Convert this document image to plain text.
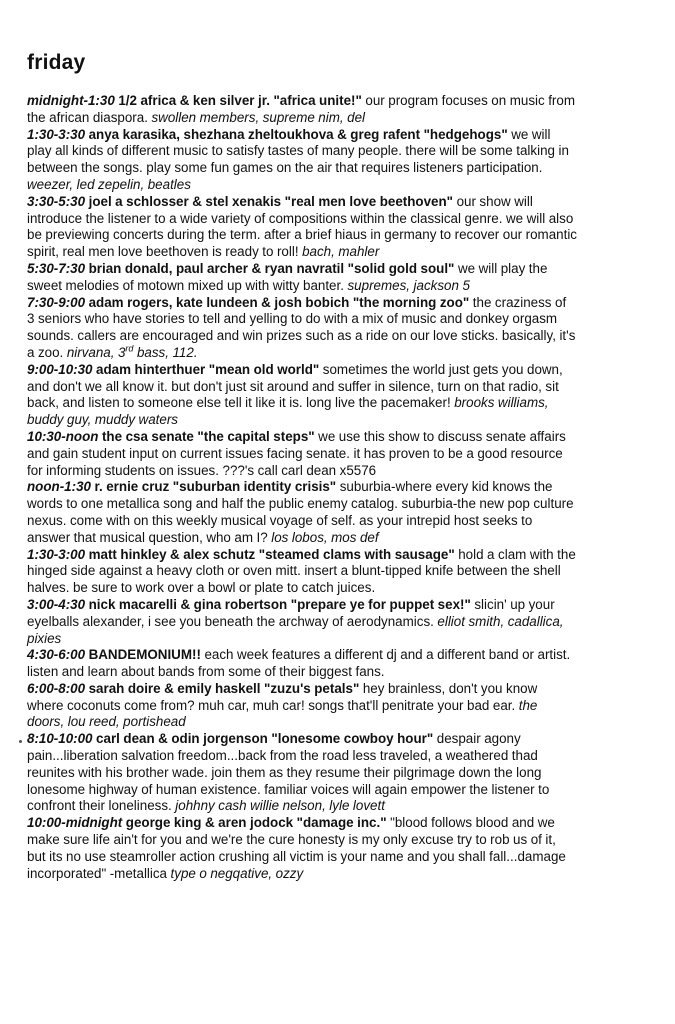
friday
midnight-1:30 1/2 africa & ken silver jr. "africa unite!" our program focuses on music from the african diaspora. swollen members, supreme nim, del
1:30-3:30 anya karasika, shezhana zheltoukhova & greg rafent "hedgehogs" we will play all kinds of different music to satisfy tastes of many people. there will be some talking in between the songs. play some fun games on the air that requires listeners participation. weezer, led zepelin, beatles
3:30-5:30 joel a schlosser & stel xenakis "real men love beethoven" our show will introduce the listener to a wide variety of compositions within the classical genre. we will also be previewing concerts during the term. after a brief hiaus in germany to recover our romantic spirit, real men love beethoven is ready to roll! bach, mahler
5:30-7:30 brian donald, paul archer & ryan navratil "solid gold soul" we will play the sweet melodies of motown mixed up with witty banter. supremes, jackson 5
7:30-9:00 adam rogers, kate lundeen & josh bobich "the morning zoo" the craziness of 3 seniors who have stories to tell and yelling to do with a mix of music and donkey orgasm sounds. callers are encouraged and win prizes such as a ride on our love sticks. basically, it's a zoo. nirvana, 3rd bass, 112.
9:00-10:30 adam hinterthuer "mean old world" sometimes the world just gets you down, and don't we all know it. but don't just sit around and suffer in silence, turn on that radio, sit back, and listen to someone else tell it like it is. long live the pacemaker! brooks williams, buddy guy, muddy waters
10:30-noon the csa senate "the capital steps" we use this show to discuss senate affairs and gain student input on current issues facing senate. it has proven to be a good resource for informing students on issues. ???'s call carl dean x5576
noon-1:30 r. ernie cruz "suburban identity crisis" suburbia-where every kid knows the words to one metallica song and half the public enemy catalog. suburbia-the new pop culture nexus. come with on this weekly musical voyage of self. as your intrepid host seeks to answer that musical question, who am I? los lobos, mos def
1:30-3:00 matt hinkley & alex schutz "steamed clams with sausage" hold a clam with the hinged side against a heavy cloth or oven mitt. insert a blunt-tipped knife between the shell halves. be sure to work over a bowl or plate to catch juices.
3:00-4:30 nick macarelli & gina robertson "prepare ye for puppet sex!" slicin' up your eyelballs alexander, i see you beneath the archway of aerodynamics. elliot smith, cadallica, pixies
4:30-6:00 BANDEMONIUM!! each week features a different dj and a different band or artist. listen and learn about bands from some of their biggest fans.
6:00-8:00 sarah doire & emily haskell "zuzu's petals" hey brainless, don't you know where coconuts come from? muh car, muh car! songs that'll penitrate your bad ear. the doors, lou reed, portishead
8:10-10:00 carl dean & odin jorgenson "lonesome cowboy hour" despair agony pain...liberation salvation freedom...back from the road less traveled, a weathered thad reunites with his brother wade. join them as they resume their pilgrimage down the long lonesome highway of human existence. familiar voices will again empower the listener to confront their loneliness. johhny cash willie nelson, lyle lovett
10:00-midnight george king & aren jodock "damage inc." "blood follows blood and we make sure life ain't for you and we're the cure honesty is my only excuse try to rob us of it, but its no use steamroller action crushing all victim is your name and you shall fall...damage incorporated" -metallica type o negqative, ozzy
